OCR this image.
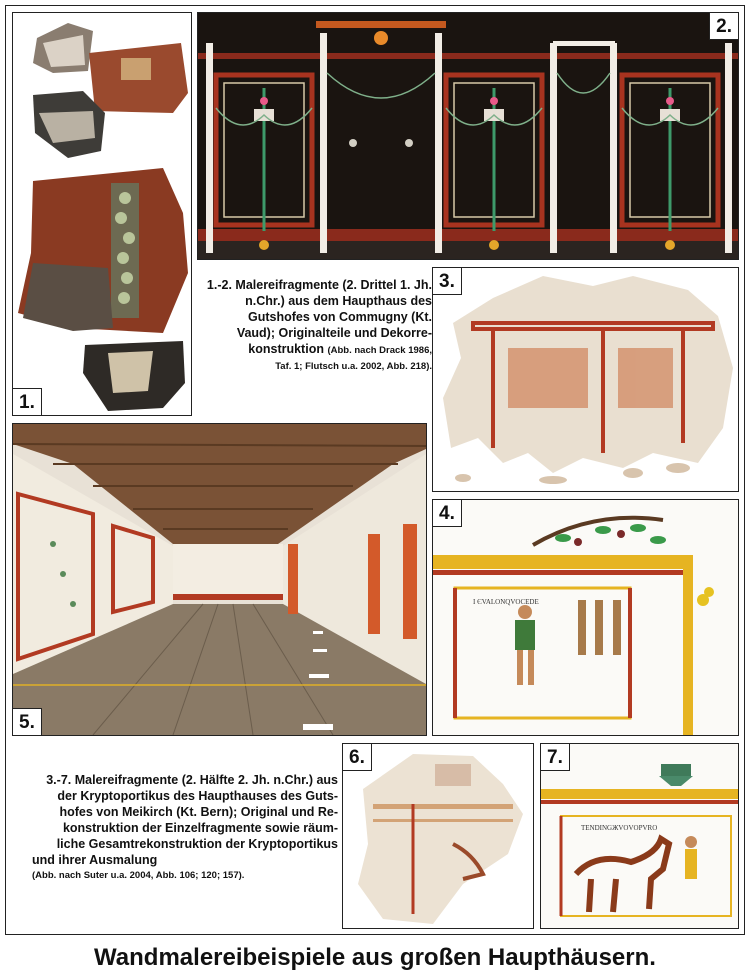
1.
2.
1.-2. Malereifragmente (2. Drittel 1. Jh.
n.Chr.) aus dem Haupthaus des
Gutshofes von Commugny (Kt.
Vaud); Originalteile und Dekorre-
konstruktion (Abb. nach Drack 1986,
Taf. 1; Flutsch u.a. 2002, Abb. 218).
3.
I ЄVALONQVOCEDE
4.
5.
3.-7. Malereifragmente (2. Hälfte 2. Jh. n.Chr.) aus
der Kryptoportikus des Haupthauses des Guts-
hofes von Meikirch (Kt. Bern); Original und Re-
konstruktion der Einzelfragmente sowie räum-
liche Gesamtrekonstruktion der Kryptoportikus
und ihrer Ausmalung
(Abb. nach Suter u.a. 2004, Abb. 106; 120; 157).
6.
TENDINGЖVOVOPVRO
7.
Wandmalereibeispiele aus großen Haupthäusern.
